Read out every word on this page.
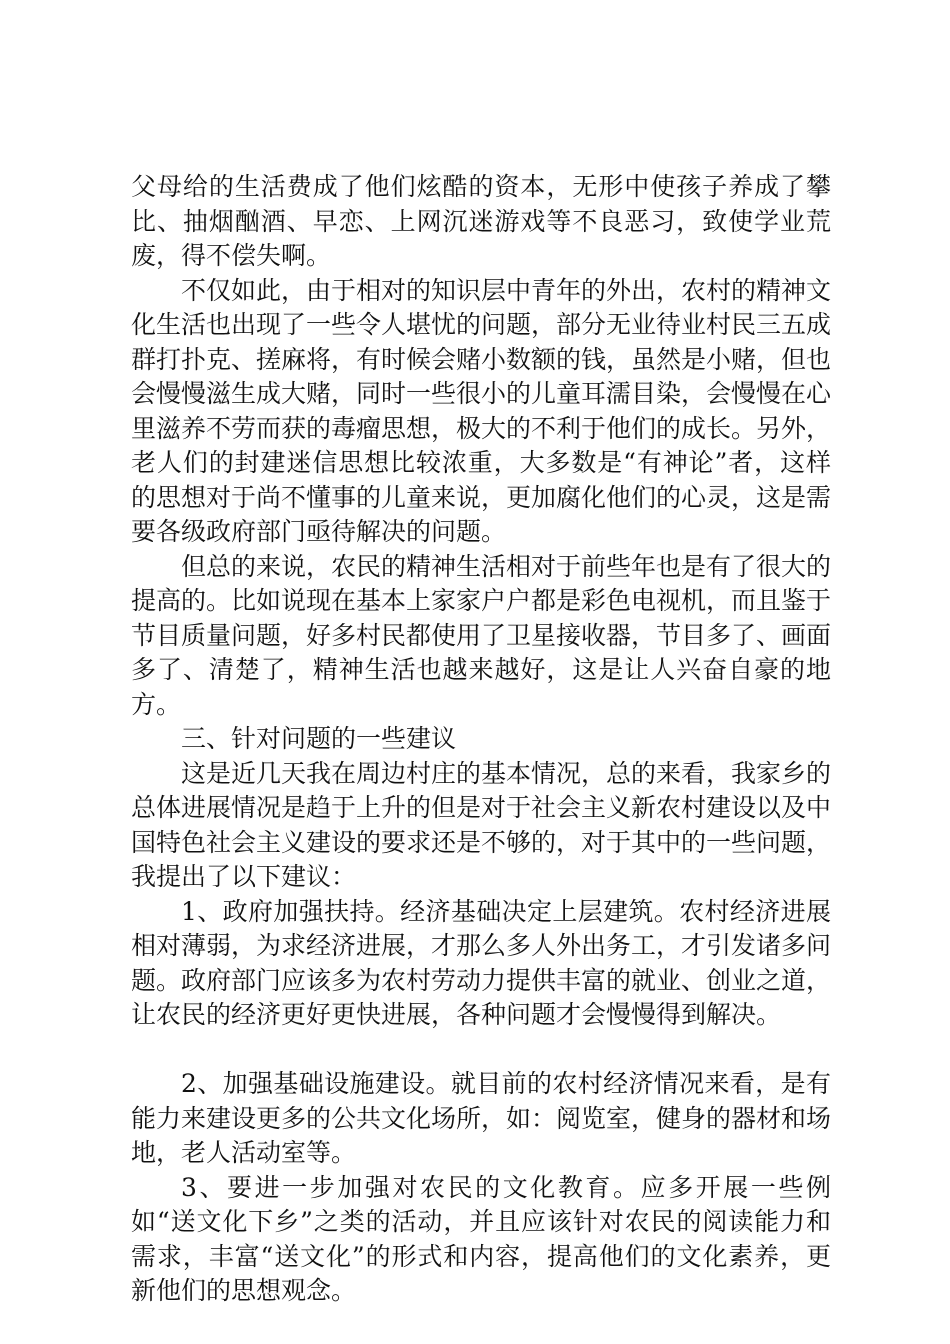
父母给的生活费成了他们炫酷的资本，无形中使孩子养成了攀比、抽烟酗酒、早恋、上网沉迷游戏等不良恶习，致使学业荒废，得不偿失啊。

不仅如此，由于相对的知识层中青年的外出，农村的精神文化生活也出现了一些令人堪忧的问题，部分无业待业村民三五成群打扑克、搓麻将，有时候会赌小数额的钱，虽然是小赌，但也会慢慢滋生成大赌，同时一些很小的儿童耳濡目染，会慢慢在心里滋养不劳而获的毒瘤思想，极大的不利于他们的成长。另外，老人们的封建迷信思想比较浓重，大多数是“有神论”者，这样的思想对于尚不懂事的儿童来说，更加腐化他们的心灵，这是需要各级政府部门亟待解决的问题。

但总的来说，农民的精神生活相对于前些年也是有了很大的提高的。比如说现在基本上家家户户都是彩色电视机，而且鉴于节目质量问题，好多村民都使用了卫星接收器，节目多了、画面多了、清楚了，精神生活也越来越好，这是让人兴奋自豪的地方。

三、针对问题的一些建议

这是近几天我在周边村庄的基本情况，总的来看，我家乡的总体进展情况是趋于上升的但是对于社会主义新农村建设以及中国特色社会主义建设的要求还是不够的，对于其中的一些问题，我提出了以下建议：

1、政府加强扶持。经济基础决定上层建筑。农村经济进展相对薄弱，为求经济进展，才那么多人外出务工，才引发诸多问题。政府部门应该多为农村劳动力提供丰富的就业、创业之道，让农民的经济更好更快进展，各种问题才会慢慢得到解决。

2、加强基础设施建设。就目前的农村经济情况来看，是有能力来建设更多的公共文化场所，如：阅览室，健身的器材和场地，老人活动室等。

3、要进一步加强对农民的文化教育。应多开展一些例如“送文化下乡”之类的活动，并且应该针对农民的阅读能力和需求，丰富“送文化”的形式和内容，提高他们的文化素养，更新他们的思想观念。
